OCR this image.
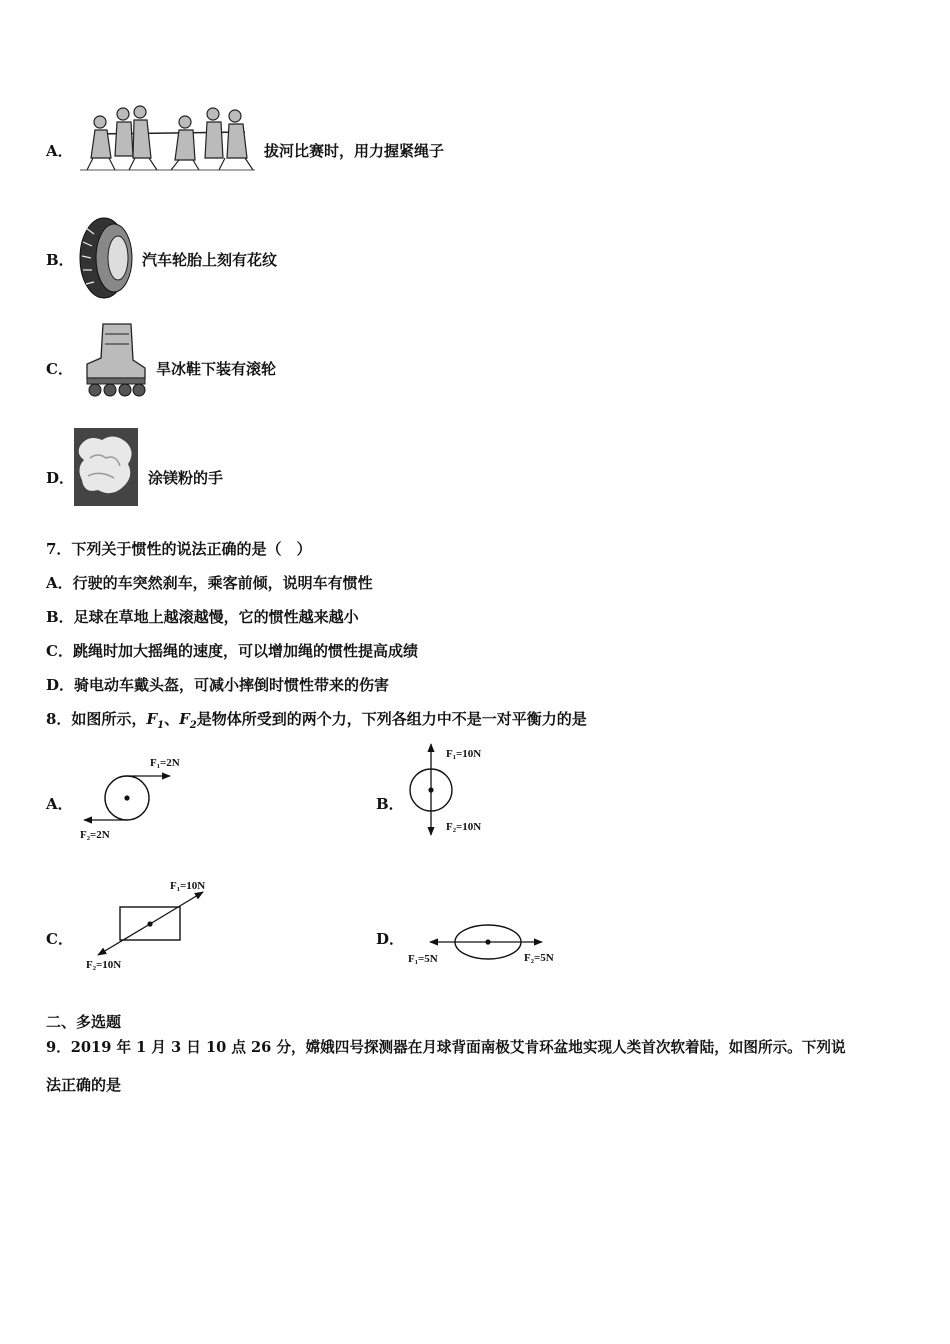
A．	拔河比赛时，用力握紧绳子
B．	汽车轮胎上刻有花纹
C．	旱冰鞋下装有滚轮
D．	涂镁粉的手
7．下列关于惯性的说法正确的是（　）
A．行驶的车突然刹车，乘客前倾，说明车有惯性
B．足球在草地上越滚越慢，它的惯性越来越小
C．跳绳时加大摇绳的速度，可以增加绳的惯性提高成绩
D．骑电动车戴头盔，可减小摔倒时惯性带来的伤害
8．如图所示，$F_1$、$F_2$是物体所受到的两个力，下列各组力中不是一对平衡力的是
A．
F₁=2N
F₂=2N
B．
F₁=10N
F₂=10N
C．
F₁=10N
F₂=10N
D．
F₁=5N	F₂=5N
二、多选题
9．2019 年 1 月 3 日 10 点 26 分，嫦娥四号探测器在月球背面南极艾肯环盆地实现人类首次软着陆，如图所示。下列说
法正确的是
